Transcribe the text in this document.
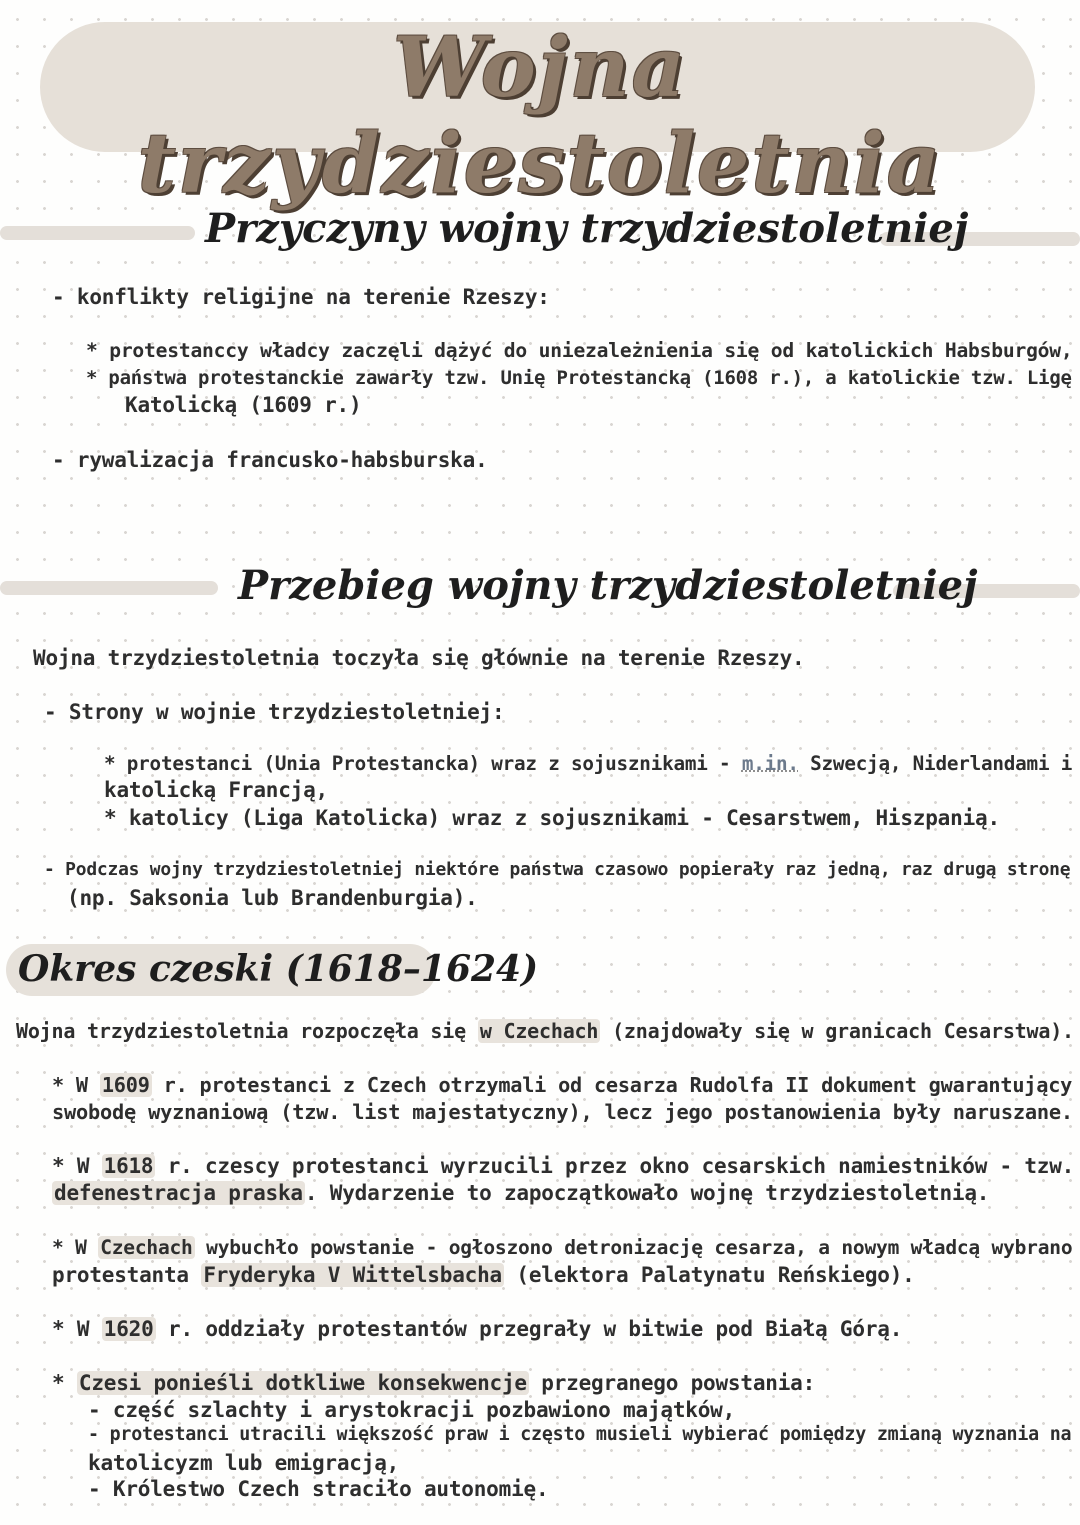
Wojna trzydziestoletnia
Przyczyny wojny trzydziestoletniej
- konflikty religijne na terenie Rzeszy:
* protestanccy władcy zaczęli dążyć do uniezależnienia się od katolickich Habsburgów,
* państwa protestanckie zawarły tzw. Unię Protestancką (1608 r.), a katolickie tzw. Ligę
Katolicką (1609 r.)
- rywalizacja francusko-habsburska.
Przebieg wojny trzydziestoletniej
Wojna trzydziestoletnia toczyła się głównie na terenie Rzeszy.
- Strony w wojnie trzydziestoletniej:
* protestanci (Unia Protestancka) wraz z sojusznikami - m.in. Szwecją, Niderlandami i
katolicką Francją,
* katolicy (Liga Katolicka) wraz z sojusznikami - Cesarstwem, Hiszpanią.
- Podczas wojny trzydziestoletniej niektóre państwa czasowo popierały raz jedną, raz drugą stronę
(np. Saksonia lub Brandenburgia).
Okres czeski (1618–1624)
Wojna trzydziestoletnia rozpoczęła się w Czechach (znajdowały się w granicach Cesarstwa).
* W 1609 r. protestanci z Czech otrzymali od cesarza Rudolfa II dokument gwarantujący
swobodę wyznaniową (tzw. list majestatyczny), lecz jego postanowienia były naruszane.
* W 1618 r. czescy protestanci wyrzucili przez okno cesarskich namiestników - tzw.
defenestracja praska. Wydarzenie to zapoczątkowało wojnę trzydziestoletnią.
* W Czechach wybuchło powstanie - ogłoszono detronizację cesarza, a nowym władcą wybrano
protestanta Fryderyka V Wittelsbacha (elektora Palatynatu Reńskiego).
* W 1620 r. oddziały protestantów przegrały w bitwie pod Białą Górą.
* Czesi ponieśli dotkliwe konsekwencje przegranego powstania:
- część szlachty i arystokracji pozbawiono majątków,
- protestanci utracili większość praw i często musieli wybierać pomiędzy zmianą wyznania na
katolicyzm lub emigracją,
- Królestwo Czech straciło autonomię.
